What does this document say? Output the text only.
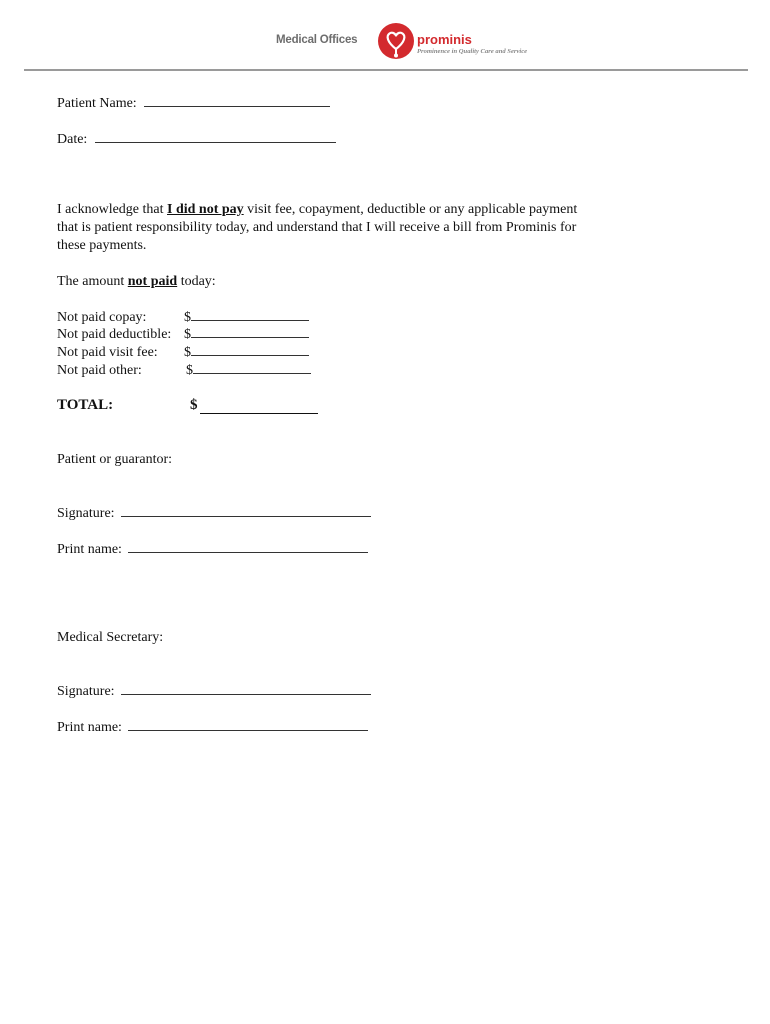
Medical Offices	prominis
Prominence in Quality Care and Service
Patient Name:
Date:

I acknowledge that I did not pay visit fee, copayment, deductible or any applicable payment

that is patient responsibility today, and understand that I will receive a bill from Prominis for

these payments.

The amount not paid today:
Not paid copay:	$
Not paid deductible: $
Not paid visit fee: $
Not paid other:	$
TOTAL:	$
Patient or guarantor:
Signature:
Print name:
Medical Secretary:
Signature:
Print name:
